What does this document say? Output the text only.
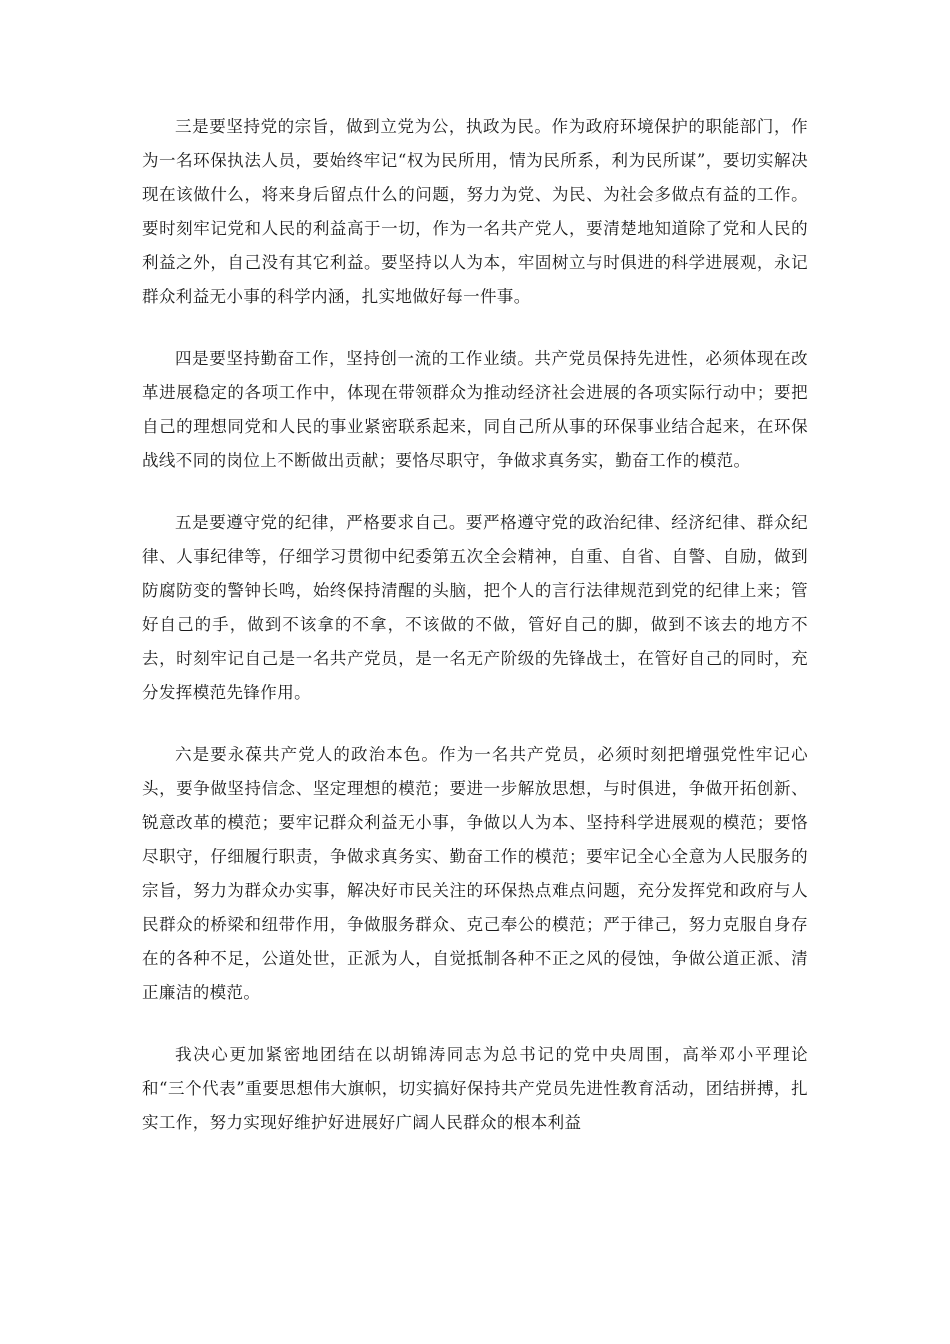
三是要坚持党的宗旨，做到立党为公，执政为民。作为政府环境保护的职能部门，作为一名环保执法人员，要始终牢记“权为民所用，情为民所系，利为民所谋”，要切实解决现在该做什么，将来身后留点什么的问题，努力为党、为民、为社会多做点有益的工作。要时刻牢记党和人民的利益高于一切，作为一名共产党人，要清楚地知道除了党和人民的利益之外，自己没有其它利益。要坚持以人为本，牢固树立与时俱进的科学进展观，永记群众利益无小事的科学内涵，扎实地做好每一件事。

四是要坚持勤奋工作，坚持创一流的工作业绩。共产党员保持先进性，必须体现在改革进展稳定的各项工作中，体现在带领群众为推动经济社会进展的各项实际行动中；要把自己的理想同党和人民的事业紧密联系起来，同自己所从事的环保事业结合起来，在环保战线不同的岗位上不断做出贡献；要恪尽职守，争做求真务实，勤奋工作的模范。

五是要遵守党的纪律，严格要求自己。要严格遵守党的政治纪律、经济纪律、群众纪律、人事纪律等，仔细学习贯彻中纪委第五次全会精神，自重、自省、自警、自励，做到防腐防变的警钟长鸣，始终保持清醒的头脑，把个人的言行法律规范到党的纪律上来；管好自己的手，做到不该拿的不拿，不该做的不做，管好自己的脚，做到不该去的地方不去，时刻牢记自己是一名共产党员，是一名无产阶级的先锋战士，在管好自己的同时，充分发挥模范先锋作用。

六是要永葆共产党人的政治本色。作为一名共产党员，必须时刻把增强党性牢记心头，要争做坚持信念、坚定理想的模范；要进一步解放思想，与时俱进，争做开拓创新、锐意改革的模范；要牢记群众利益无小事，争做以人为本、坚持科学进展观的模范；要恪尽职守，仔细履行职责，争做求真务实、勤奋工作的模范；要牢记全心全意为人民服务的宗旨，努力为群众办实事，解决好市民关注的环保热点难点问题，充分发挥党和政府与人民群众的桥梁和纽带作用，争做服务群众、克己奉公的模范；严于律己，努力克服自身存在的各种不足，公道处世，正派为人，自觉抵制各种不正之风的侵蚀，争做公道正派、清正廉洁的模范。

我决心更加紧密地团结在以胡锦涛同志为总书记的党中央周围，高举邓小平理论和“三个代表”重要思想伟大旗帜，切实搞好保持共产党员先进性教育活动，团结拼搏，扎实工作，努力实现好维护好进展好广阔人民群众的根本利益
